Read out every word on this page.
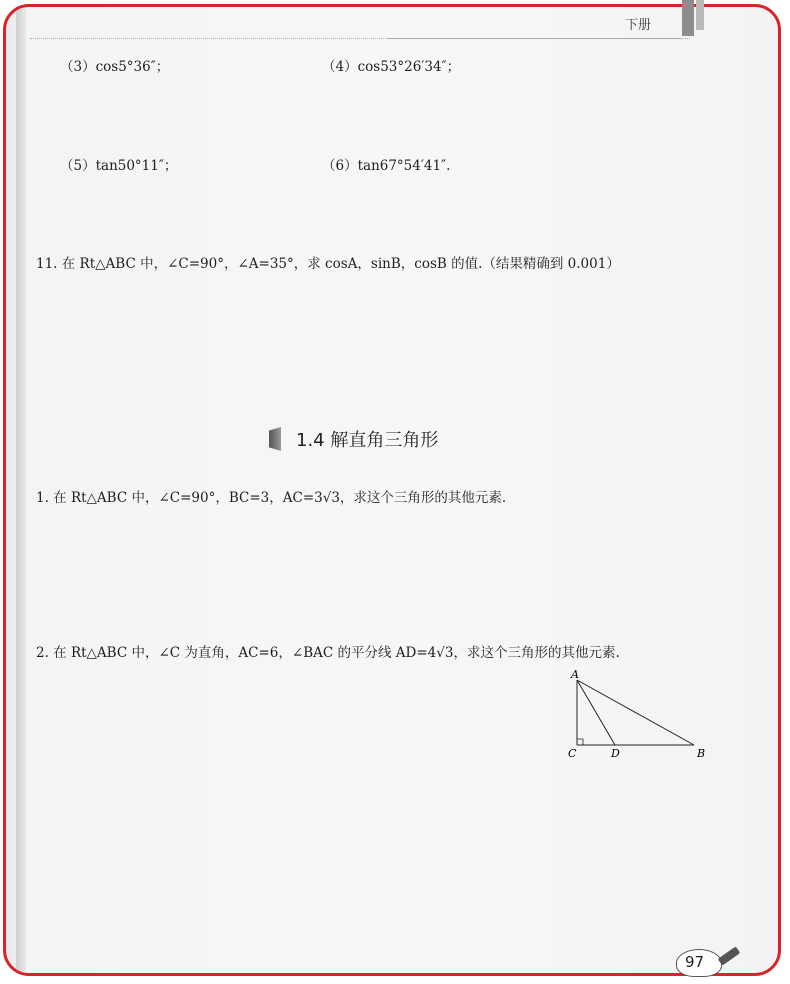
下册
（3）cos5°36″；	（4）cos53°26′34″；
（5）tan50°11″；	（6）tan67°54′41″.
11. 在 Rt△ABC 中，∠C=90°，∠A=35°，求 cosA，sinB，cosB 的值.（结果精确到 0.001）
1.4 解直角三角形
1. 在 Rt△ABC 中，∠C=90°，BC=3，AC=3√3，求这个三角形的其他元素.
2. 在 Rt△ABC 中，∠C 为直角，AC=6，∠BAC 的平分线 AD=4√3，求这个三角形的其他元素.
A
C	D	B
97
